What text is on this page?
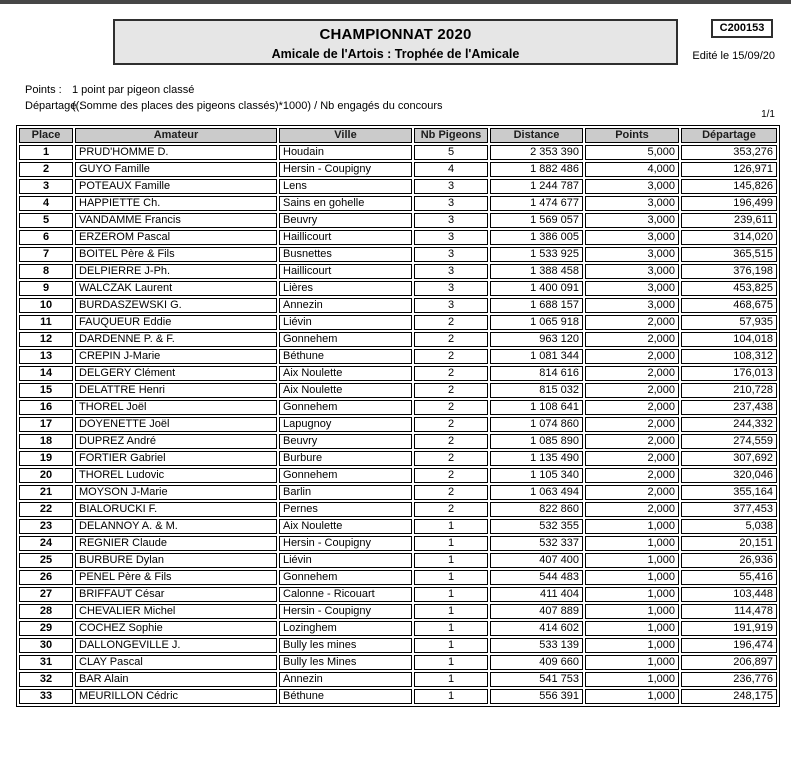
CHAMPIONNAT 2020
Amicale de l'Artois : Trophée de l'Amicale
C200153
Edité le 15/09/20
Points : 1 point par pigeon classé
Départage :
((Somme des places des pigeons classés)*1000) / Nb engagés du concours
1/1
Place	Amateur	Ville	Nb Pigeons	Distance	Points	Départage
1	PRUD'HOMME D.	Houdain	5	2 353 390	5,000	353,276
2	GUYO Famille	Hersin - Coupigny	4	1 882 486	4,000	126,971
3	POTEAUX Famille	Lens	3	1 244 787	3,000	145,826
4	HAPPIETTE Ch.	Sains en gohelle	3	1 474 677	3,000	196,499
5	VANDAMME Francis	Beuvry	3	1 569 057	3,000	239,611
6	ERZEROM Pascal	Haillicourt	3	1 386 005	3,000	314,020
7	BOITEL Père & Fils	Busnettes	3	1 533 925	3,000	365,515
8	DELPIERRE J-Ph.	Haillicourt	3	1 388 458	3,000	376,198
9	WALCZAK Laurent	Lières	3	1 400 091	3,000	453,825
10	BURDASZEWSKI G.	Annezin	3	1 688 157	3,000	468,675
11	FAUQUEUR Eddie	Liévin	2	1 065 918	2,000	57,935
12	DARDENNE P. & F.	Gonnehem	2	963 120	2,000	104,018
13	CREPIN J-Marie	Béthune	2	1 081 344	2,000	108,312
14	DELGERY Clément	Aix Noulette	2	814 616	2,000	176,013
15	DELATTRE Henri	Aix Noulette	2	815 032	2,000	210,728
16	THOREL Joël	Gonnehem	2	1 108 641	2,000	237,438
17	DOYENETTE Joël	Lapugnoy	2	1 074 860	2,000	244,332
18	DUPREZ André	Beuvry	2	1 085 890	2,000	274,559
19	FORTIER Gabriel	Burbure	2	1 135 490	2,000	307,692
20	THOREL Ludovic	Gonnehem	2	1 105 340	2,000	320,046
21	MOYSON J-Marie	Barlin	2	1 063 494	2,000	355,164
22	BIALORUCKI F.	Pernes	2	822 860	2,000	377,453
23	DELANNOY A. & M.	Aix Noulette	1	532 355	1,000	5,038
24	REGNIER Claude	Hersin - Coupigny	1	532 337	1,000	20,151
25	BURBURE Dylan	Liévin	1	407 400	1,000	26,936
26	PENEL Père & Fils	Gonnehem	1	544 483	1,000	55,416
27	BRIFFAUT César	Calonne - Ricouart	1	411 404	1,000	103,448
28	CHEVALIER Michel	Hersin - Coupigny	1	407 889	1,000	114,478
29	COCHEZ Sophie	Lozinghem	1	414 602	1,000	191,919
30	DALLONGEVILLE J.	Bully les mines	1	533 139	1,000	196,474
31	CLAY Pascal	Bully les Mines	1	409 660	1,000	206,897
32	BAR Alain	Annezin	1	541 753	1,000	236,776
33	MEURILLON Cédric	Béthune	1	556 391	1,000	248,175
